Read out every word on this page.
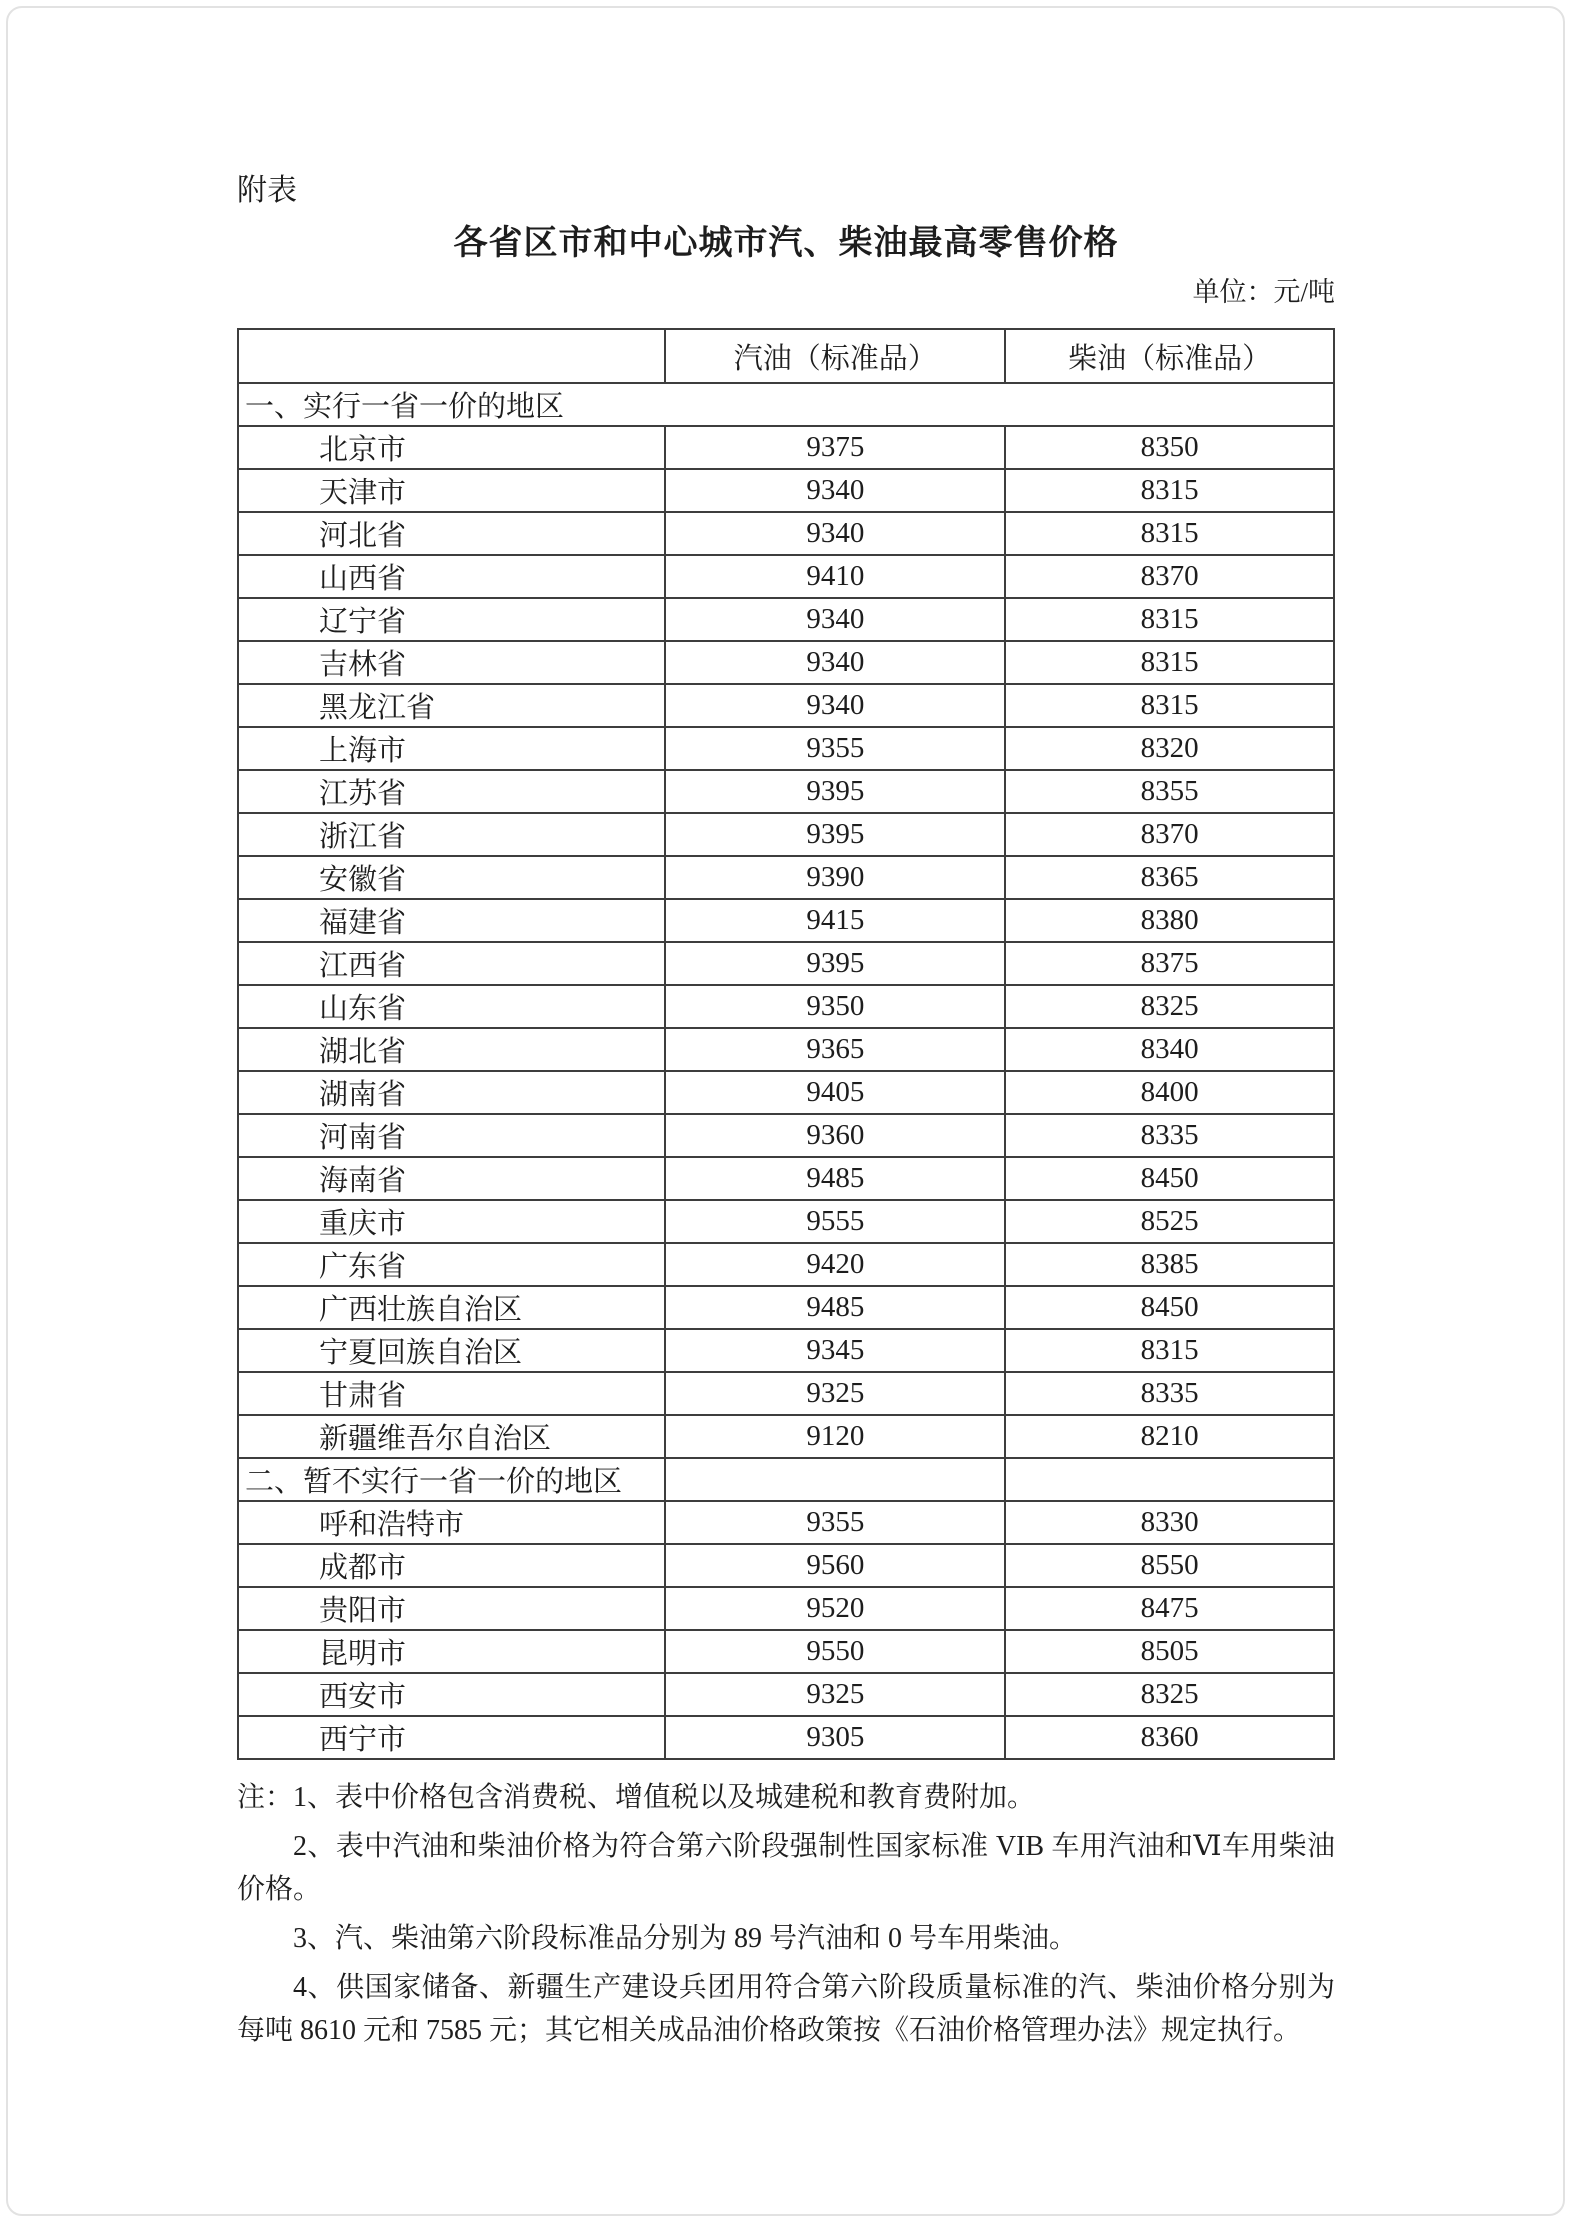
附表

各省区市和中心城市汽、柴油最高零售价格
单位：元/吨
	汽油（标准品）	柴油（标准品）
一、实行一省一价的地区		
北京市	9375	8350
天津市	9340	8315
河北省	9340	8315
山西省	9410	8370
辽宁省	9340	8315
吉林省	9340	8315
黑龙江省	9340	8315
上海市	9355	8320
江苏省	9395	8355
浙江省	9395	8370
安徽省	9390	8365
福建省	9415	8380
江西省	9395	8375
山东省	9350	8325
湖北省	9365	8340
湖南省	9405	8400
河南省	9360	8335
海南省	9485	8450
重庆市	9555	8525
广东省	9420	8385
广西壮族自治区	9485	8450
宁夏回族自治区	9345	8315
甘肃省	9325	8335
新疆维吾尔自治区	9120	8210
二、暂不实行一省一价的地区		
呼和浩特市	9355	8330
成都市	9560	8550
贵阳市	9520	8475
昆明市	9550	8505
西安市	9325	8325
西宁市	9305	8360

注：1、表中价格包含消费税、增值税以及城建税和教育费附加。

2、表中汽油和柴油价格为符合第六阶段强制性国家标准 VIB 车用汽油和Ⅵ车用柴油价格。

3、汽、柴油第六阶段标准品分别为 89 号汽油和 0 号车用柴油。

4、供国家储备、新疆生产建设兵团用符合第六阶段质量标准的汽、柴油价格分别为每吨 8610 元和 7585 元；其它相关成品油价格政策按《石油价格管理办法》规定执行。
